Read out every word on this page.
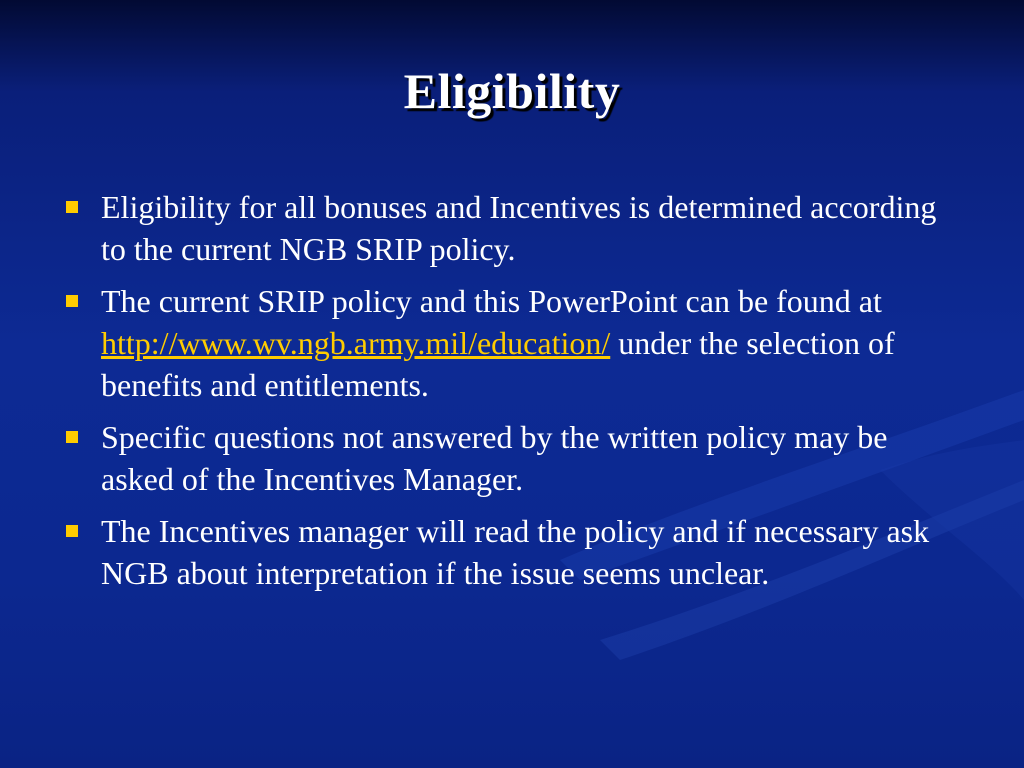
Eligibility
Eligibility for all bonuses and Incentives is determined according to the current NGB SRIP policy.
The current SRIP policy and this PowerPoint can be found at http://www.wv.ngb.army.mil/education/ under the selection of benefits and entitlements.
Specific questions not answered by the written policy may be asked of the Incentives Manager.
The Incentives manager will read the policy and if necessary ask NGB about interpretation if the issue seems unclear.
